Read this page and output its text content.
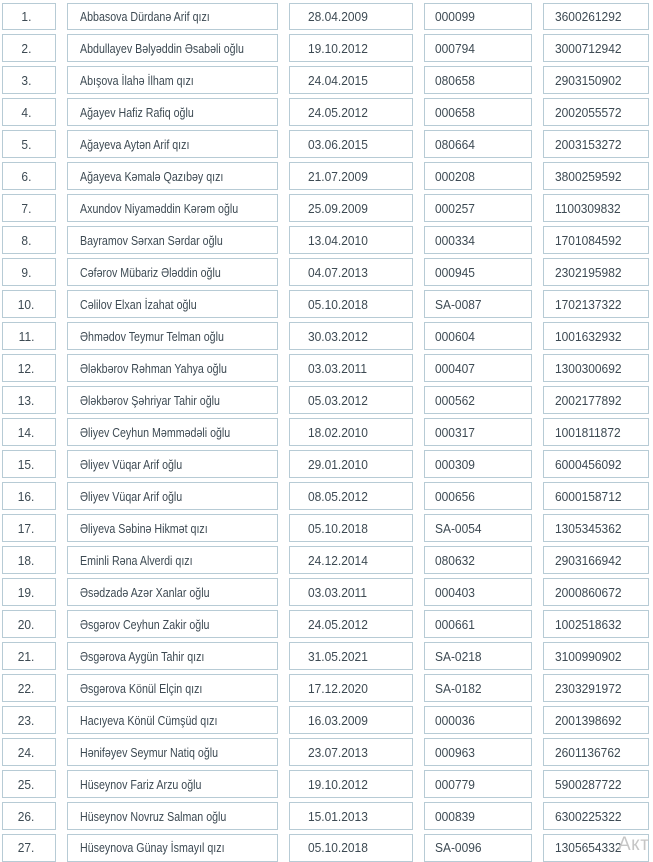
1.	Abbasova Dürdanə Arif qızı	28.04.2009	000099	3600261292
2.	Abdullayev Bəlyəddin Əsabəli oğlu	19.10.2012	000794	3000712942
3.	Abışova İlahə İlham qızı	24.04.2015	080658	2903150902
4.	Ağayev Hafiz Rafiq oğlu	24.05.2012	000658	2002055572
5.	Ağayeva Aytən Arif qızı	03.06.2015	080664	2003153272
6.	Ağayeva Kəmalə Qazıbəy qızı	21.07.2009	000208	3800259592
7.	Axundov Niyaməddin Kərəm oğlu	25.09.2009	000257	1100309832
8.	Bayramov Sərxan Sərdar oğlu	13.04.2010	000334	1701084592
9.	Cəfərov Mübariz Ələddin oğlu	04.07.2013	000945	2302195982
10.	Cəlilov Elxan İzahat oğlu	05.10.2018	SA-0087	1702137322
11.	Əhmədov Teymur Telman oğlu	30.03.2012	000604	1001632932
12.	Ələkbərov Rəhman Yahya oğlu	03.03.2011	000407	1300300692
13.	Ələkbərov Şəhriyar Tahir oğlu	05.03.2012	000562	2002177892
14.	Əliyev Ceyhun Məmmədəli oğlu	18.02.2010	000317	1001811872
15.	Əliyev Vüqar Arif oğlu	29.01.2010	000309	6000456092
16.	Əliyev Vüqar Arif oğlu	08.05.2012	000656	6000158712
17.	Əliyeva Səbinə Hikmət qızı	05.10.2018	SA-0054	1305345362
18.	Eminli Rəna Alverdi qızı	24.12.2014	080632	2903166942
19.	Əsədzadə Azər Xanlar oğlu	03.03.2011	000403	2000860672
20.	Əsgərov Ceyhun Zakir oğlu	24.05.2012	000661	1002518632
21.	Əsgərova Aygün Tahir qızı	31.05.2021	SA-0218	3100990902
22.	Əsgərova Könül Elçin qızı	17.12.2020	SA-0182	2303291972
23.	Hacıyeva Könül Cümşüd qızı	16.03.2009	000036	2001398692
24.	Hənifəyev Seymur Natiq oğlu	23.07.2013	000963	2601136762
25.	Hüseynov Fariz Arzu oğlu	19.10.2012	000779	5900287722
26.	Hüseynov Novruz Salman oğlu	15.01.2013	000839	6300225322
27.	Hüseynova Günay İsmayıl qızı	05.10.2018	SA-0096	1305654332
Акт
